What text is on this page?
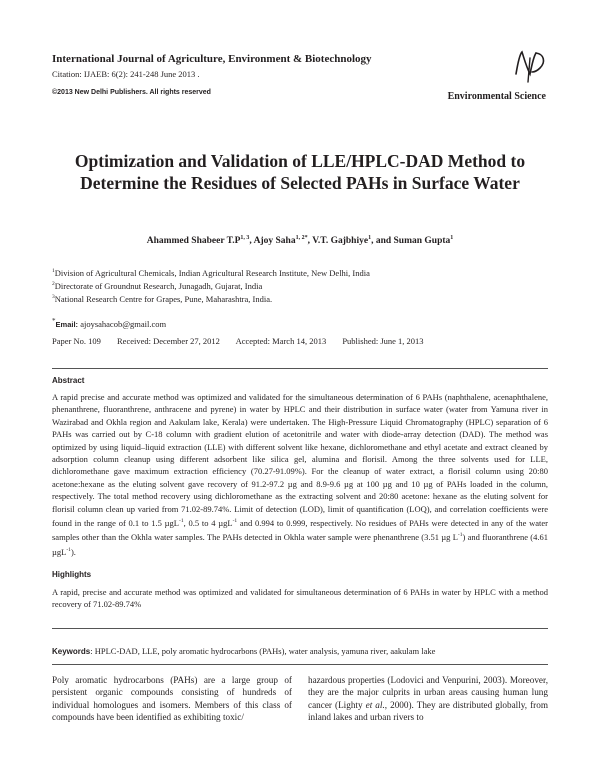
International Journal of Agriculture, Environment & Biotechnology
Citation: IJAEB: 6(2): 241-248 June 2013 .
©2013 New Delhi Publishers. All rights reserved	Environmental Science
Optimization and Validation of LLE/HPLC-DAD Method to Determine the Residues of Selected PAHs in Surface Water
Ahammed Shabeer $T.P^{1, 3}$, Ajoy Saha$^{1, 2*}$, V.T. Gajbhiye$^1$, and Suman Gupta$^1$
$^1$Division of Agricultural Chemicals, Indian Agricultural Research Institute, New Delhi, India
$^2$Directorate of Groundnut Research, Junagadh, Gujarat, India
$^3$National Research Centre for Grapes, Pune, Maharashtra, India.
*Email: ajoysahacob@gmail.com
Paper No. 109 Received: December 27, 2012 Accepted: March 14, 2013 Published: June 1, 2013
Abstract
A rapid precise and accurate method was optimized and validated for the simultaneous determination of 6 PAHs (naphthalene, acenaphthalene, phenanthrene, fluoranthrene, anthracene and pyrene) in water by HPLC and their distribution in surface water (water from Yamuna river in Wazirabad and Okhla region and Aakulam lake, Kerala) were undertaken. The High-Pressure Liquid Chromatography (HPLC) separation of 6 PAHs was carried out by C-18 column with gradient elution of acetonitrile and water with diode-array detection (DAD). The method was optimized by using liquid–liquid extraction (LLE) with different solvent like hexane, dichloromethane and ethyl acetate and extract cleaned by adsorption column cleanup using different adsorbent like silica gel, alumina and florisil. Among the three solvents used for LLE, dichloromethane gave maximum extraction efficiency (70.27-91.09%). For the cleanup of water extract, a florisil column using 20:80 acetone:hexane as the eluting solvent gave recovery of 91.2-97.2 µg and 8.9-9.6 µg at 100 µg and 10 µg of PAHs loaded in the column, respectively. The total method recovery using dichloromethane as the extracting solvent and 20:80 acetone: hexane as the eluting solvent for florisil column clean up varied from 71.02-89.74%. Limit of detection (LOD), limit of quantification (LOQ), and correlation coefficients were found in the range of 0.1 to 1.5 µgL$^{-1}$, 0.5 to 4 µgL$^{-1}$ and 0.994 to 0.999, respectively. No residues of PAHs were detected in any of the water samples other than the Okhla water samples. The PAHs detected in Okhla water sample were phenanthrene (3.51 µg $L^{-1}$) and fluoranthrene (4.61 µgL$^{-1}$).
Highlights
A rapid, precise and accurate method was optimized and validated for simultaneous determination of 6 PAHs in water by HPLC with a method recovery of 71.02-89.74%
Keywords: HPLC-DAD, LLE, poly aromatic hydrocarbons (PAHs), water analysis, yamuna river, aakulam lake
Poly aromatic hydrocarbons (PAHs) are a large group of persistent organic compounds consisting of hundreds of individual homologues and isomers. Members of this class of compounds have been identified as exhibiting toxic/
hazardous properties (Lodovici and Venpurini, 2003). Moreover, they are the major culprits in urban areas causing human lung cancer (Lighty et al., 2000). They are distributed globally, from inland lakes and urban rivers to
